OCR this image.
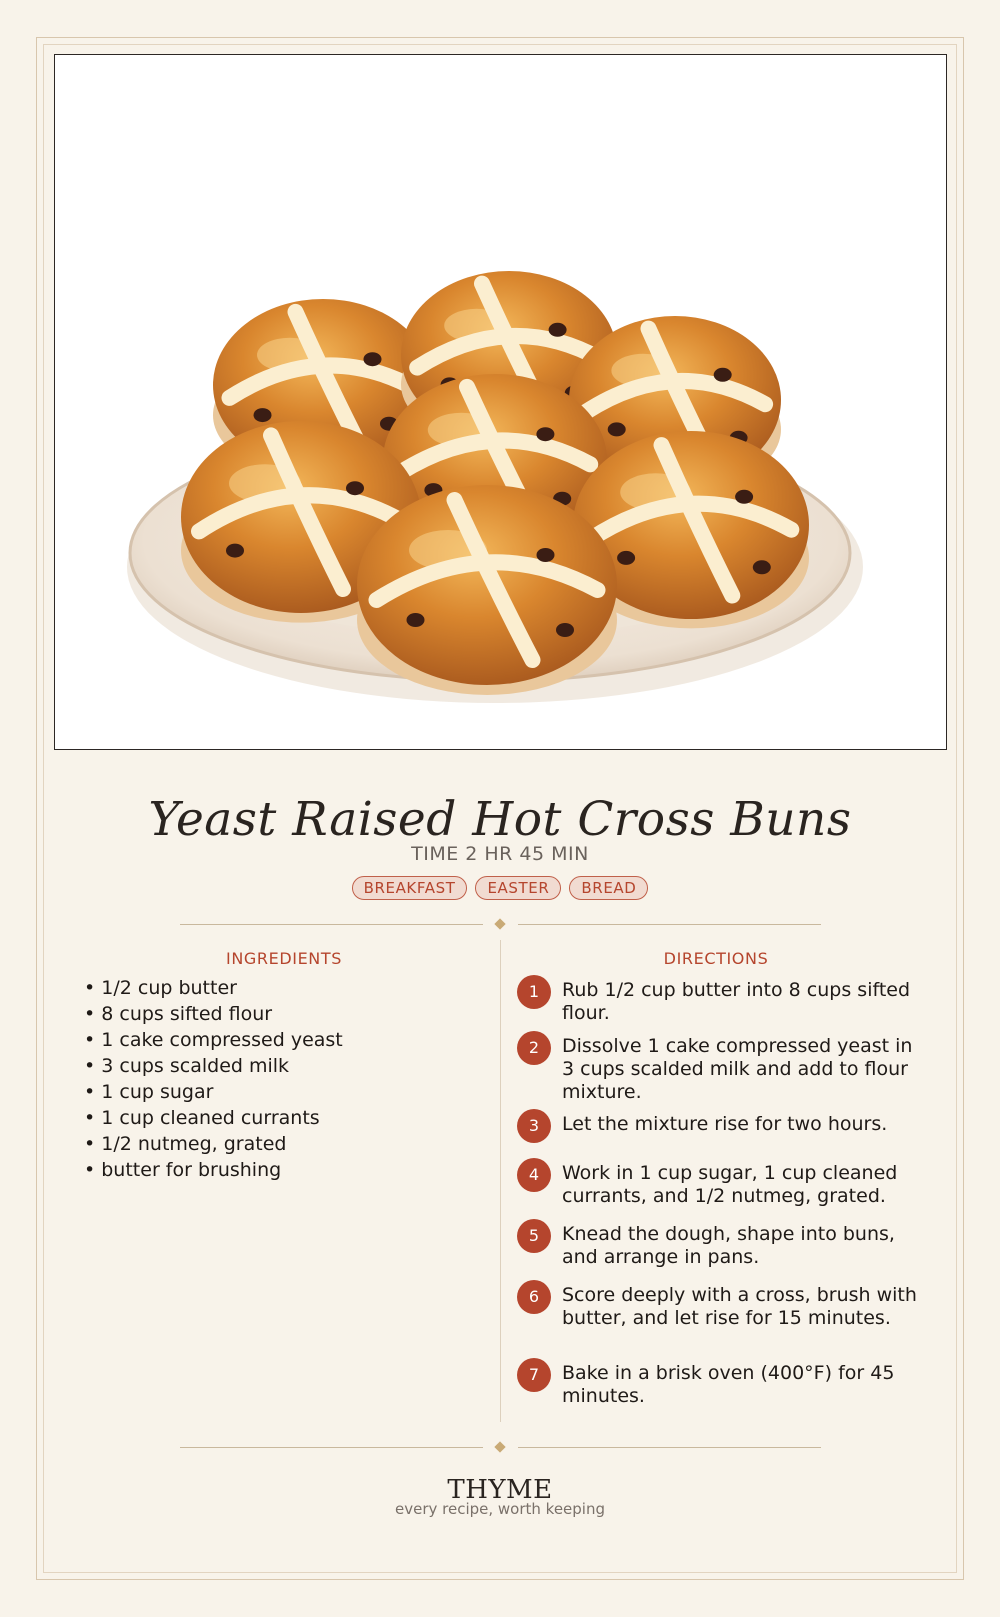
Yeast Raised Hot Cross Buns
TIME 2 HR 45 MIN
BREAKFAST	EASTER	BREAD
INGREDIENTS
• 1/2 cup butter
• 8 cups sifted flour
• 1 cake compressed yeast
• 3 cups scalded milk
• 1 cup sugar
• 1 cup cleaned currants
• 1/2 nutmeg, grated
• butter for brushing
DIRECTIONS
1	Rub 1/2 cup butter into 8 cups sifted flour.
2	Dissolve 1 cake compressed yeast in 3 cups scalded milk and add to flour mixture.
3	Let the mixture rise for two hours.
4	Work in 1 cup sugar, 1 cup cleaned currants, and 1/2 nutmeg, grated.
5	Knead the dough, shape into buns, and arrange in pans.
6	Score deeply with a cross, brush with butter, and let rise for 15 minutes.
7	Bake in a brisk oven (400°F) for 45 minutes.
THYME
every recipe, worth keeping
